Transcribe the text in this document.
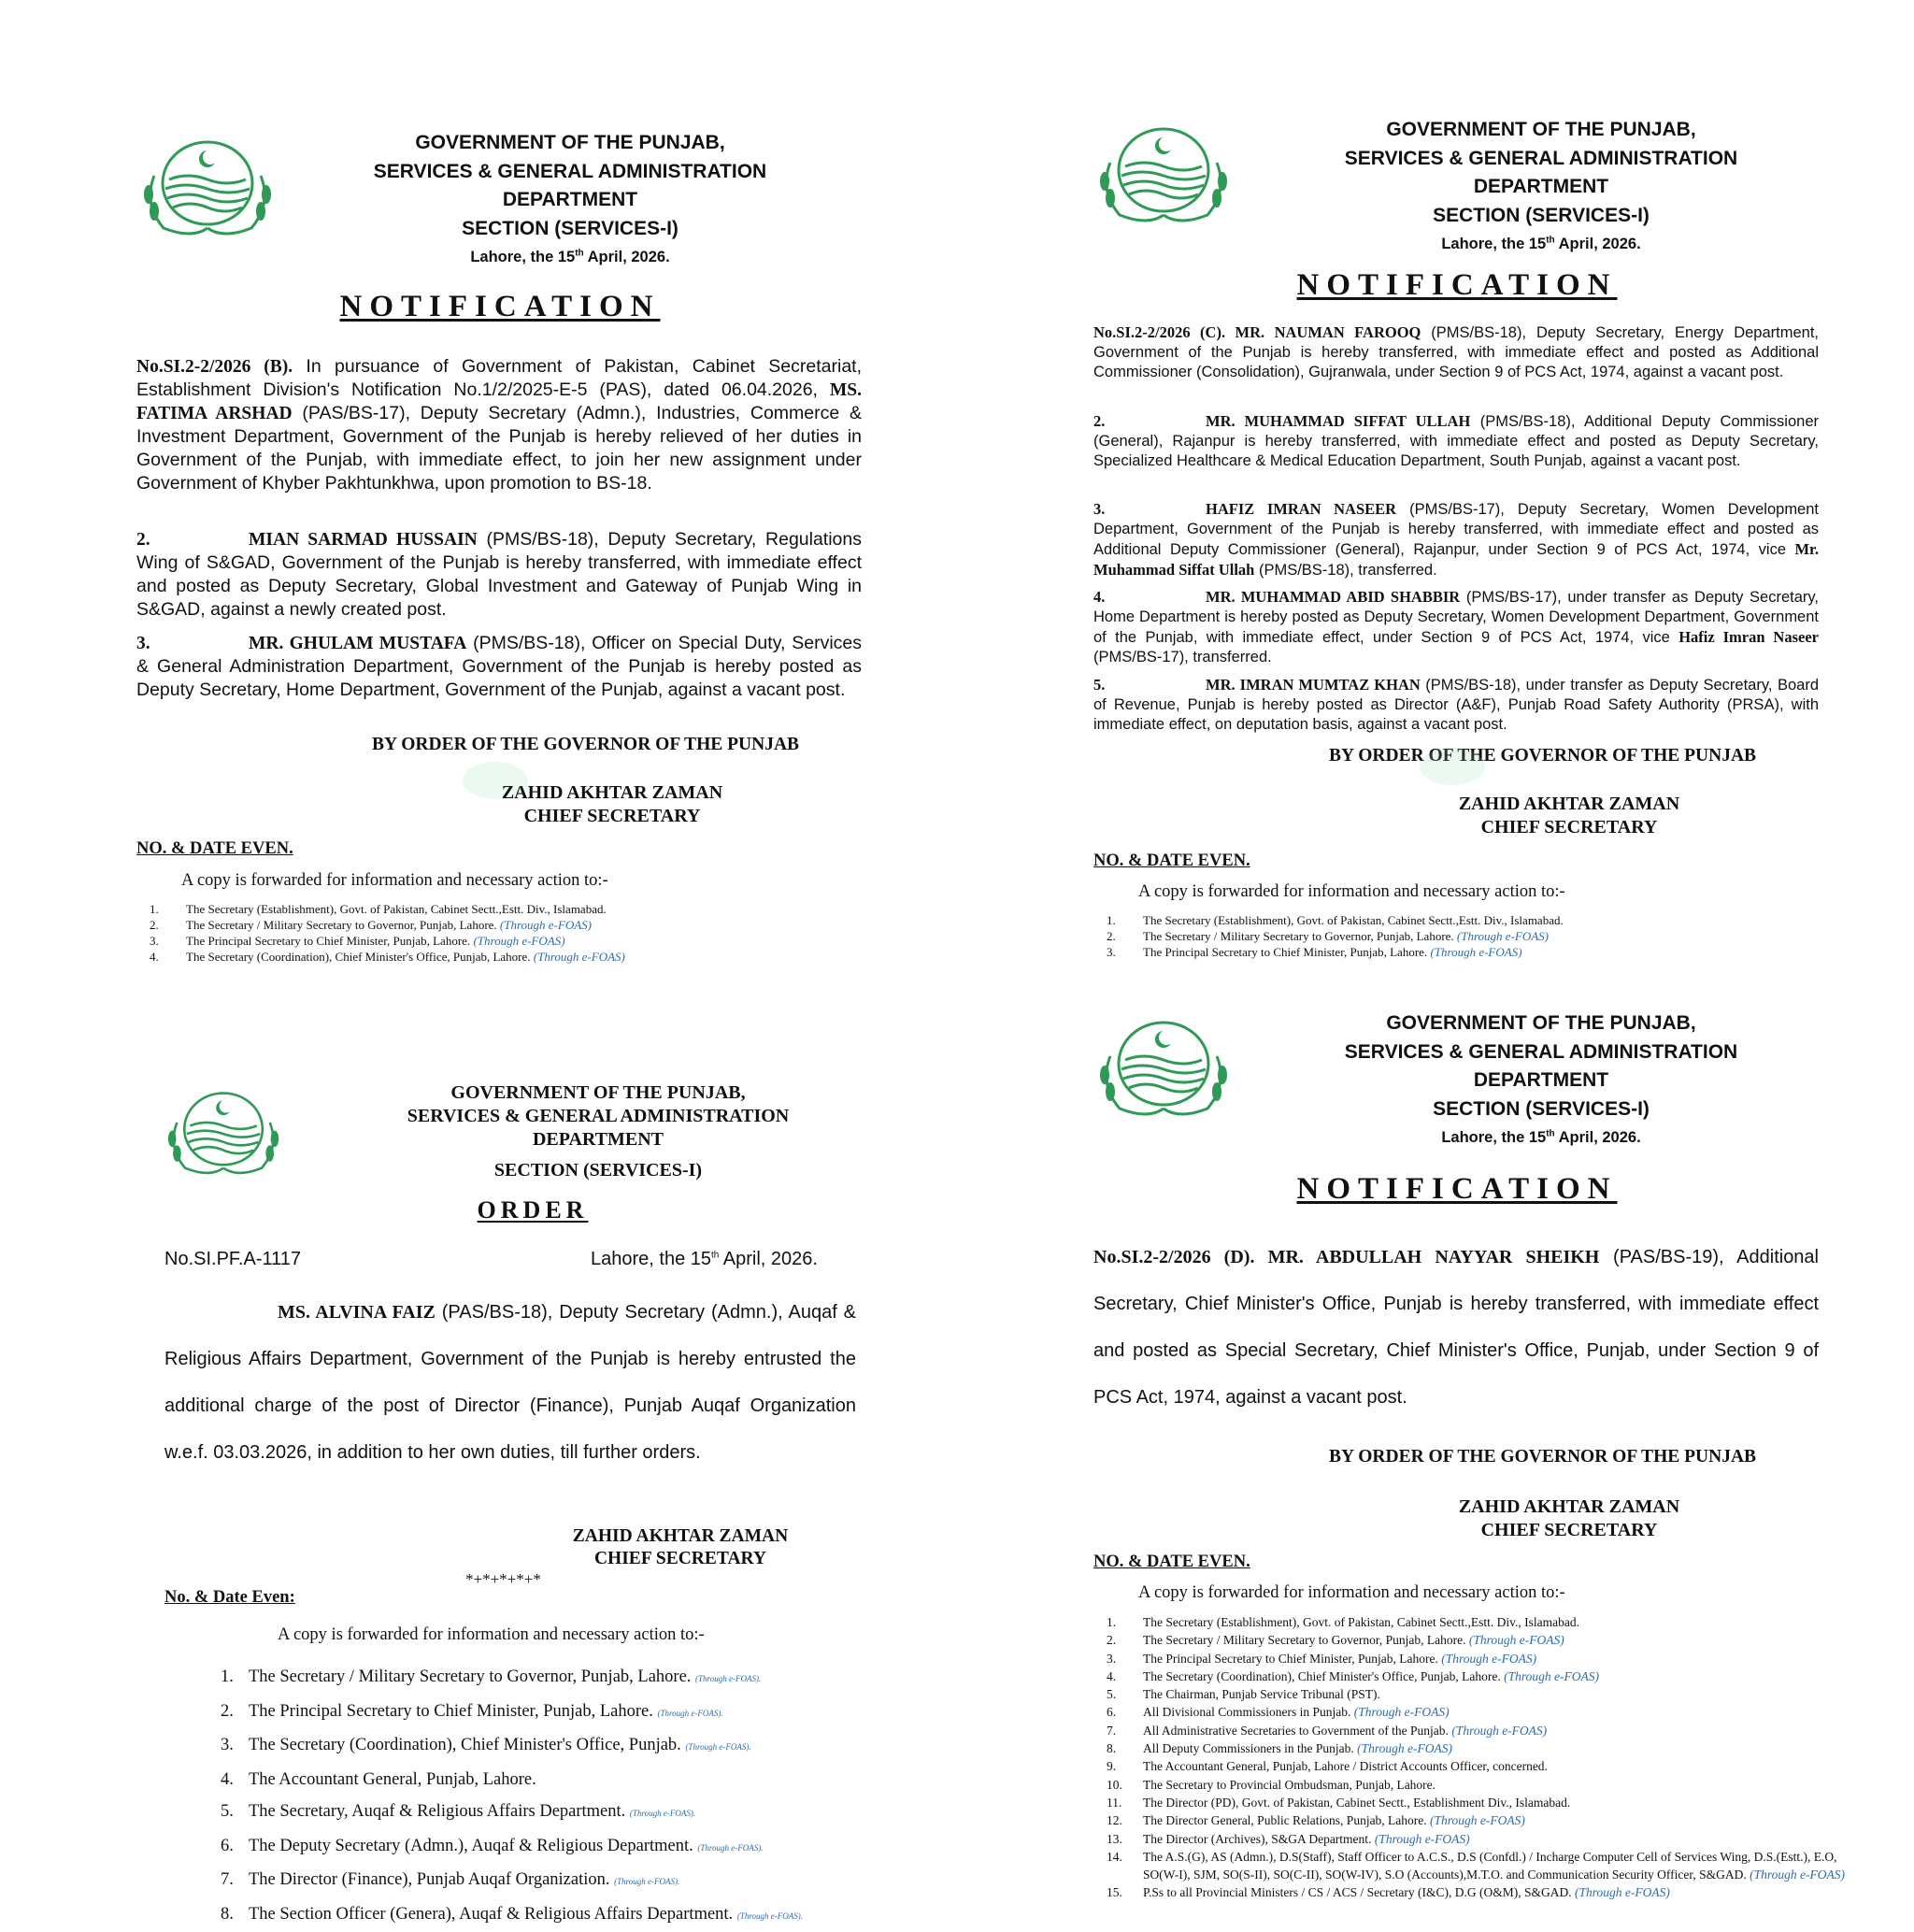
GOVERNMENT OF THE PUNJAB,
SERVICES & GENERAL ADMINISTRATION
DEPARTMENT
SECTION (SERVICES-I)
Lahore, the 15th April, 2026.
NOTIFICATION
No.SI.2-2/2026 (B). In pursuance of Government of Pakistan, Cabinet Secretariat, Establishment Division's Notification No.1/2/2025-E-5 (PAS), dated 06.04.2026, MS. FATIMA ARSHAD (PAS/BS-17), Deputy Secretary (Admn.), Industries, Commerce & Investment Department, Government of the Punjab is hereby relieved of her duties in Government of the Punjab, with immediate effect, to join her new assignment under Government of Khyber Pakhtunkhwa, upon promotion to BS-18.
2.	MIAN SARMAD HUSSAIN (PMS/BS-18), Deputy Secretary, Regulations Wing of S&GAD, Government of the Punjab is hereby transferred, with immediate effect and posted as Deputy Secretary, Global Investment and Gateway of Punjab Wing in S&GAD, against a newly created post.
3.	MR. GHULAM MUSTAFA (PMS/BS-18), Officer on Special Duty, Services & General Administration Department, Government of the Punjab is hereby posted as Deputy Secretary, Home Department, Government of the Punjab, against a vacant post.
BY ORDER OF THE GOVERNOR OF THE PUNJAB
ZAHID AKHTAR ZAMAN
CHIEF SECRETARY
NO. & DATE EVEN.
A copy is forwarded for information and necessary action to:-
1. The Secretary (Establishment), Govt. of Pakistan, Cabinet Sectt.,Estt. Div., Islamabad.
2. The Secretary / Military Secretary to Governor, Punjab, Lahore. (Through e-FOAS)
3. The Principal Secretary to Chief Minister, Punjab, Lahore. (Through e-FOAS)
4. The Secretary (Coordination), Chief Minister's Office, Punjab, Lahore. (Through e-FOAS)
GOVERNMENT OF THE PUNJAB,
SERVICES & GENERAL ADMINISTRATION
DEPARTMENT
SECTION (SERVICES-I)
Lahore, the 15th April, 2026.
NOTIFICATION
No.SI.2-2/2026 (C). MR. NAUMAN FAROOQ (PMS/BS-18), Deputy Secretary, Energy Department, Government of the Punjab is hereby transferred, with immediate effect and posted as Additional Commissioner (Consolidation), Gujranwala, under Section 9 of PCS Act, 1974, against a vacant post.
2.	MR. MUHAMMAD SIFFAT ULLAH (PMS/BS-18), Additional Deputy Commissioner (General), Rajanpur is hereby transferred, with immediate effect and posted as Deputy Secretary, Specialized Healthcare & Medical Education Department, South Punjab, against a vacant post.
3.	HAFIZ IMRAN NASEER (PMS/BS-17), Deputy Secretary, Women Development Department, Government of the Punjab is hereby transferred, with immediate effect and posted as Additional Deputy Commissioner (General), Rajanpur, under Section 9 of PCS Act, 1974, vice Mr. Muhammad Siffat Ullah (PMS/BS-18), transferred.
4.	MR. MUHAMMAD ABID SHABBIR (PMS/BS-17), under transfer as Deputy Secretary, Home Department is hereby posted as Deputy Secretary, Women Development Department, Government of the Punjab, with immediate effect, under Section 9 of PCS Act, 1974, vice Hafiz Imran Naseer (PMS/BS-17), transferred.
5.	MR. IMRAN MUMTAZ KHAN (PMS/BS-18), under transfer as Deputy Secretary, Board of Revenue, Punjab is hereby posted as Director (A&F), Punjab Road Safety Authority (PRSA), with immediate effect, on deputation basis, against a vacant post.
BY ORDER OF THE GOVERNOR OF THE PUNJAB
ZAHID AKHTAR ZAMAN
CHIEF SECRETARY
NO. & DATE EVEN.
A copy is forwarded for information and necessary action to:-
1. The Secretary (Establishment), Govt. of Pakistan, Cabinet Sectt.,Estt. Div., Islamabad.
2. The Secretary / Military Secretary to Governor, Punjab, Lahore. (Through e-FOAS)
3. The Principal Secretary to Chief Minister, Punjab, Lahore. (Through e-FOAS)
GOVERNMENT OF THE PUNJAB,
SERVICES & GENERAL ADMINISTRATION
DEPARTMENT
SECTION (SERVICES-I)
ORDER
No.SI.PF.A-1117	Lahore, the 15th April, 2026.
MS. ALVINA FAIZ (PAS/BS-18), Deputy Secretary (Admn.), Auqaf & Religious Affairs Department, Government of the Punjab is hereby entrusted the additional charge of the post of Director (Finance), Punjab Auqaf Organization w.e.f. 03.03.2026, in addition to her own duties, till further orders.
ZAHID AKHTAR ZAMAN
CHIEF SECRETARY
*+*+*+*+*
No. & Date Even:
A copy is forwarded for information and necessary action to:-
1. The Secretary / Military Secretary to Governor, Punjab, Lahore. (Through e-FOAS).
2. The Principal Secretary to Chief Minister, Punjab, Lahore. (Through e-FOAS).
3. The Secretary (Coordination), Chief Minister's Office, Punjab. (Through e-FOAS).
4. The Accountant General, Punjab, Lahore.
5. The Secretary, Auqaf & Religious Affairs Department. (Through e-FOAS).
6. The Deputy Secretary (Admn.), Auqaf & Religious Department. (Through e-FOAS).
7. The Director (Finance), Punjab Auqaf Organization. (Through e-FOAS).
8. The Section Officer (Genera), Auqaf & Religious Affairs Department. (Through e-FOAS).
GOVERNMENT OF THE PUNJAB,
SERVICES & GENERAL ADMINISTRATION
DEPARTMENT
SECTION (SERVICES-I)
Lahore, the 15th April, 2026.
NOTIFICATION
No.SI.2-2/2026 (D). MR. ABDULLAH NAYYAR SHEIKH (PAS/BS-19), Additional Secretary, Chief Minister's Office, Punjab is hereby transferred, with immediate effect and posted as Special Secretary, Chief Minister's Office, Punjab, under Section 9 of PCS Act, 1974, against a vacant post.
BY ORDER OF THE GOVERNOR OF THE PUNJAB
ZAHID AKHTAR ZAMAN
CHIEF SECRETARY
NO. & DATE EVEN.
A copy is forwarded for information and necessary action to:-
1. The Secretary (Establishment), Govt. of Pakistan, Cabinet Sectt.,Estt. Div., Islamabad.
2. The Secretary / Military Secretary to Governor, Punjab, Lahore. (Through e-FOAS)
3. The Principal Secretary to Chief Minister, Punjab, Lahore. (Through e-FOAS)
4. The Secretary (Coordination), Chief Minister's Office, Punjab, Lahore. (Through e-FOAS)
5. The Chairman, Punjab Service Tribunal (PST).
6. All Divisional Commissioners in Punjab. (Through e-FOAS)
7. All Administrative Secretaries to Government of the Punjab. (Through e-FOAS)
8. All Deputy Commissioners in the Punjab. (Through e-FOAS)
9. The Accountant General, Punjab, Lahore / District Accounts Officer, concerned.
10. The Secretary to Provincial Ombudsman, Punjab, Lahore.
11. The Director (PD), Govt. of Pakistan, Cabinet Sectt., Establishment Div., Islamabad.
12. The Director General, Public Relations, Punjab, Lahore. (Through e-FOAS)
13. The Director (Archives), S&GA Department. (Through e-FOAS)
14. The A.S.(G), AS (Admn.), D.S(Staff), Staff Officer to A.C.S., D.S (Confdl.) / Incharge Computer Cell of Services Wing, D.S.(Estt.), E.O, SO(W-I), SJM, SO(S-II), SO(C-II), SO(W-IV), S.O (Accounts),M.T.O. and Communication Security Officer, S&GAD. (Through e-FOAS)
15. P.Ss to all Provincial Ministers / CS / ACS / Secretary (I&C), D.G (O&M), S&GAD. (Through e-FOAS)
